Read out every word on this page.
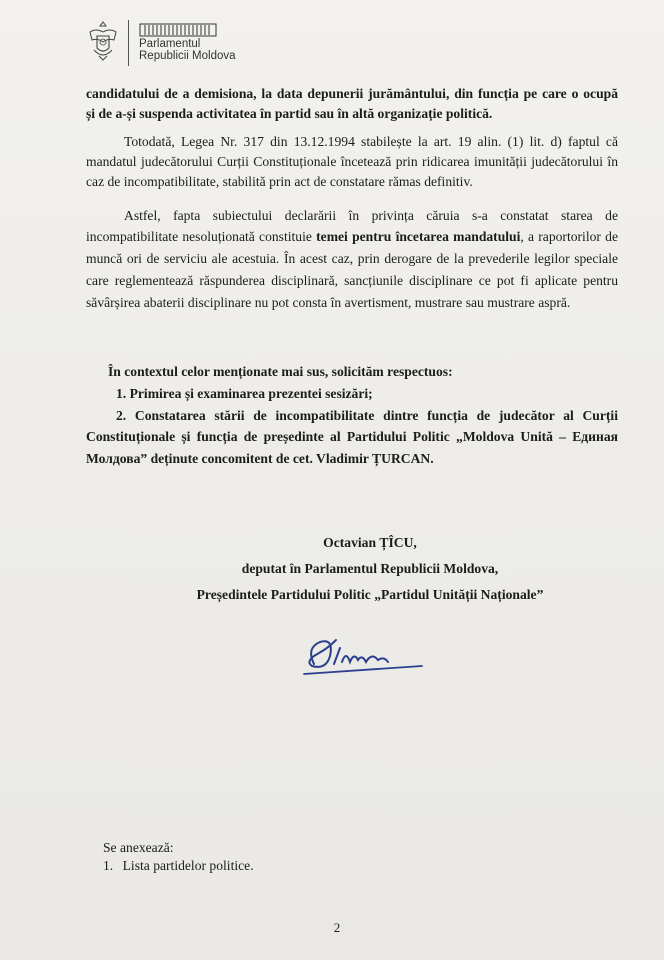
Parlamentul
Republicii Moldova
candidatului de a demisiona, la data depunerii jurământului, din funcția pe care o ocupă
și de a-și suspenda activitatea în partid sau în altă organizație politică.
Totodată, Legea Nr. 317 din 13.12.1994 stabilește la art. 19 alin. (1) lit. d) faptul că
mandatul judecătorului Curții Constituționale încetează prin ridicarea imunității judecătorului în caz de incompatibilitate, stabilită prin act de constatare rămas definitiv.
Astfel, fapta subiectului declarării în privința căruia s-a constatat starea de
incompatibilitate nesoluționată constituie temei pentru încetarea mandatului, a raportorilor de muncă ori de serviciu ale acestuia. În acest caz, prin derogare de la prevederile legilor speciale care reglementează răspunderea disciplinară, sancțiunile disciplinare ce pot fi aplicate pentru săvârșirea abaterii disciplinare nu pot consta în avertisment, mustrare sau mustrare aspră.
În contextul celor menționate mai sus, solicităm respectuos:
1. Primirea și examinarea prezentei sesizări;
2. Constatarea stării de incompatibilitate dintre funcția de judecător al Curții
Constituționale și funcția de președinte al Partidului Politic „Moldova Unită – Единая Молдова” deținute concomitent de cet. Vladimir ȚURCAN.
Octavian ȚÎCU,
deputat în Parlamentul Republicii Moldova,
Președintele Partidului Politic „Partidul Unității Naționale”
Se anexează:
1. Lista partidelor politice.
2
